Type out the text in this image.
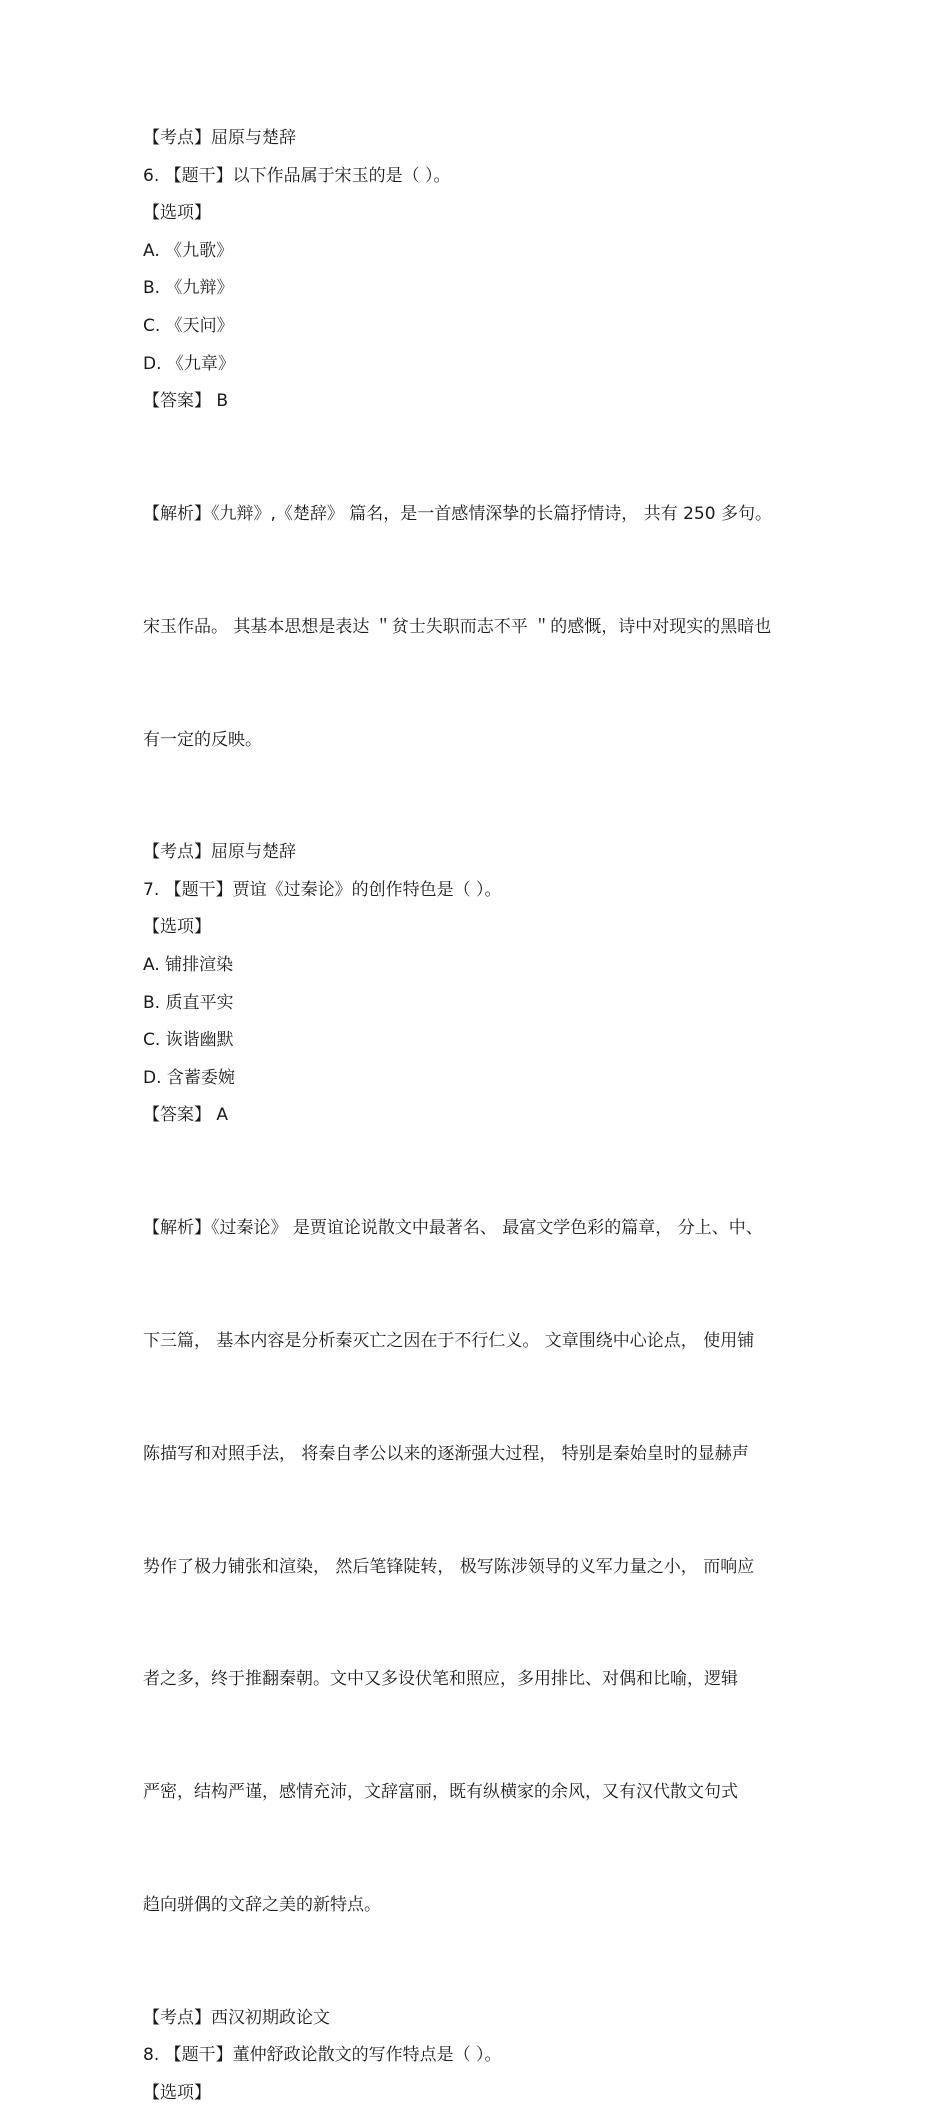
【考点】屈原与楚辞
6. 【题干】以下作品属于宋玉的是（ ）。
【选项】
A. 《九歌》
B. 《九辩》
C. 《天问》
D. 《九章》
【答案】 B

【解析】《九辩》,《楚辞》 篇名，是一首感情深挚的长篇抒情诗， 共有 250 多句。

宋玉作品。 其基本思想是表达 ＂贫士失职而志不平 ＂的感慨，诗中对现实的黑暗也

有一定的反映。

【考点】屈原与楚辞
7. 【题干】贾谊《过秦论》的创作特色是（ ）。
【选项】
A. 铺排渲染
B. 质直平实
C. 诙谐幽默
D. 含蓄委婉
【答案】 A

【解析】《过秦论》 是贾谊论说散文中最著名、 最富文学色彩的篇章， 分上、中、

下三篇， 基本内容是分析秦灭亡之因在于不行仁义。 文章围绕中心论点， 使用铺

陈描写和对照手法， 将秦自孝公以来的逐渐强大过程， 特别是秦始皇时的显赫声

势作了极力铺张和渲染， 然后笔锋陡转， 极写陈涉领导的义军力量之小， 而响应

者之多，终于推翻秦朝。文中又多设伏笔和照应，多用排比、对偶和比喻，逻辑

严密，结构严谨，感情充沛，文辞富丽，既有纵横家的余风，又有汉代散文句式

趋向骈偶的文辞之美的新特点。

【考点】西汉初期政论文
8. 【题干】董仲舒政论散文的写作特点是（ ）。
【选项】
